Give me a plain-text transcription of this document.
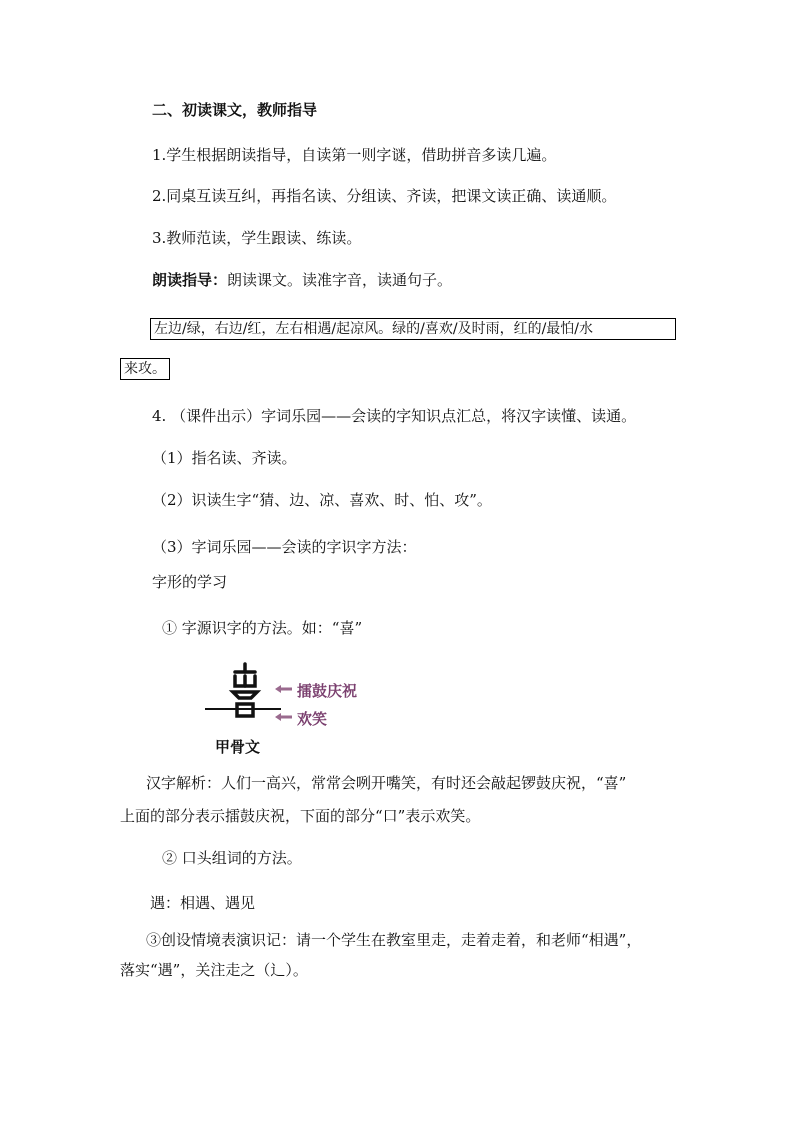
二、初读课文，教师指导
1.学生根据朗读指导，自读第一则字谜，借助拼音多读几遍。
2.同桌互读互纠，再指名读、分组读、齐读，把课文读正确、读通顺。
3.教师范读，学生跟读、练读。
朗读指导：朗读课文。读准字音，读通句子。
左边/绿，右边/红，左右相遇/起凉风。绿的/喜欢/及时雨，红的/最怕/水
来攻。
4. （课件出示）字词乐园——会读的字知识点汇总，将汉字读懂、读通。
（1）指名读、齐读。
（2）识读生字“猜、边、凉、喜欢、时、怕、攻”。
（3）字词乐园——会读的字识字方法：
字形的学习
① 字源识字的方法。如：“喜”
擂鼓庆祝
欢笑
甲骨文
汉字解析：人们一高兴，常常会咧开嘴笑，有时还会敲起锣鼓庆祝，“喜”
上面的部分表示擂鼓庆祝，下面的部分“口”表示欢笑。
② 口头组词的方法。
遇：相遇、遇见
③创设情境表演识记：请一个学生在教室里走，走着走着，和老师“相遇”，
落实“遇”，关注走之（辶）。
